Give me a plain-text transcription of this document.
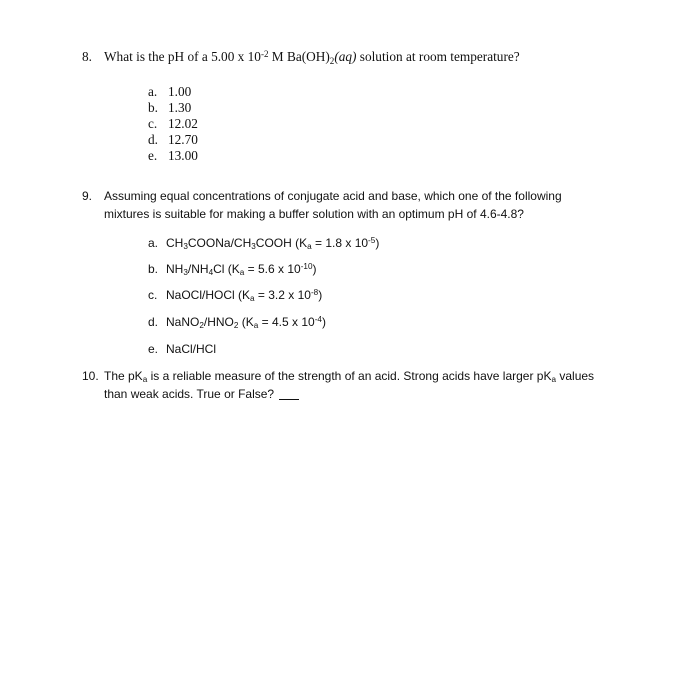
8. What is the pH of a 5.00 x $10^{-2}$ M $Ba(OH)_2(aq)$ solution at room temperature?
a. 1.00
b. 1.30
c. 12.02
d. 12.70
e. 13.00
9. Assuming equal concentrations of conjugate acid and base, which one of the following
mixtures is suitable for making a buffer solution with an optimum pH of 4.6-4.8?
a. $CH_3COONa/CH_3COOH$ ($K_a = 1.8$ x $10^{-5}$)
b. $NH_3/NH_4Cl$ ($K_a = 5.6$ x $10^{-10}$)
c. NaOCl/HOCl ($K_a = 3.2$ x $10^{-8}$)
d. $NaNO_2/HNO_2$ ($K_a = 4.5$ x $10^{-4}$)
e. NaCl/HCl
10. The $pK_a$ is a reliable measure of the strength of an acid. Strong acids have larger $pK_a$ values
than weak acids. True or False?
